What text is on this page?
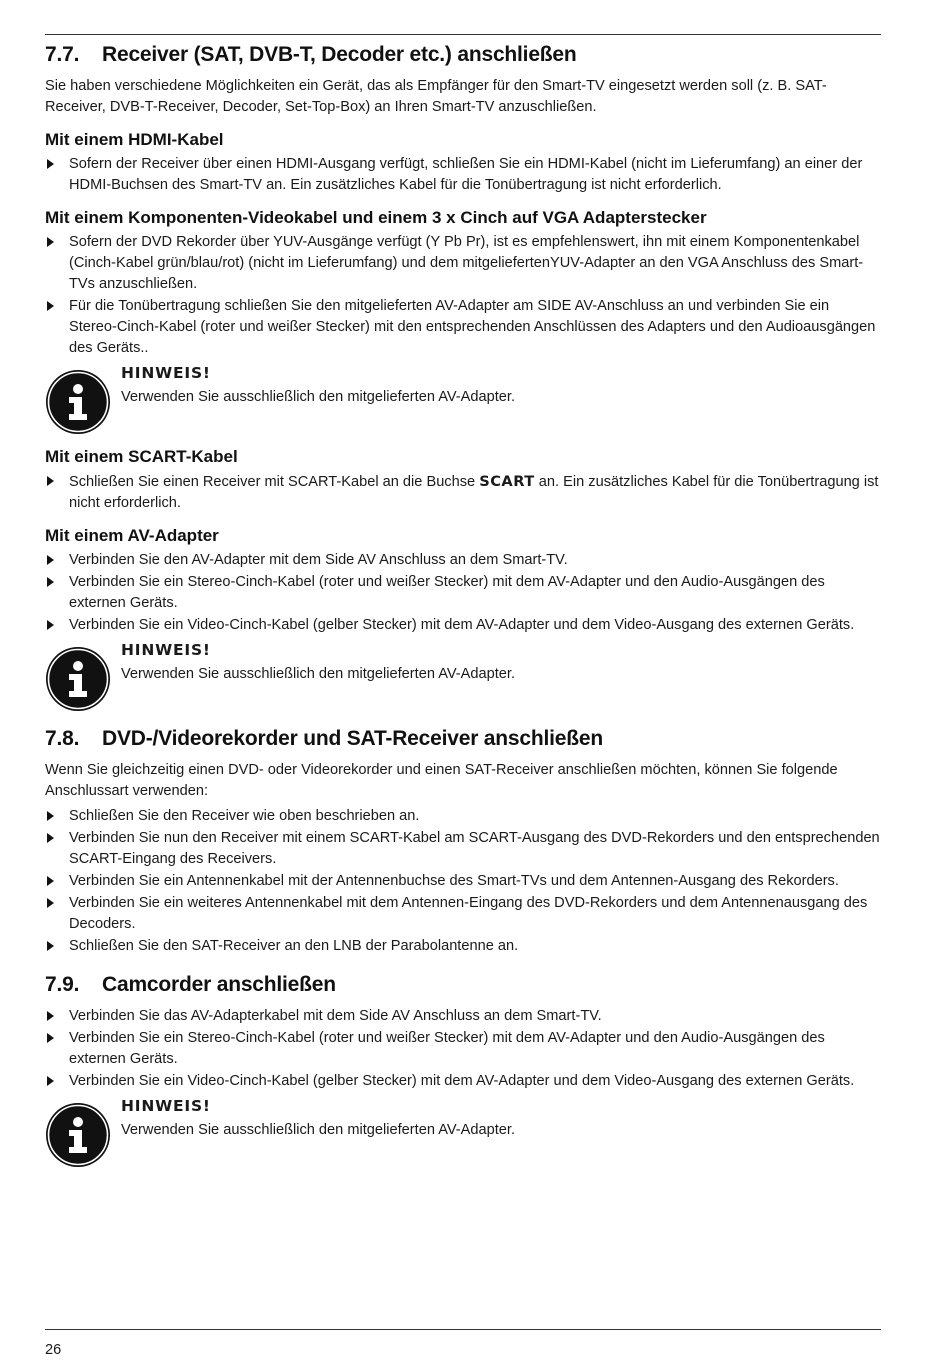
7.7. Receiver (SAT, DVB-T, Decoder etc.) anschließen

Sie haben verschiedene Möglichkeiten ein Gerät, das als Empfänger für den Smart-TV eingesetzt werden soll (z. B. SAT-Receiver, DVB-T-Receiver, Decoder, Set-Top-Box) an Ihren Smart-TV anzuschließen.

Mit einem HDMI-Kabel
Sofern der Receiver über einen HDMI-Ausgang verfügt, schließen Sie ein HDMI-Kabel (nicht im Lieferumfang) an einer der HDMI-Buchsen des Smart-TV an. Ein zusätzliches Kabel für die Tonübertragung ist nicht erforderlich.
Mit einem Komponenten-Videokabel und einem 3 x Cinch auf VGA Adapterstecker
Sofern der DVD Rekorder über YUV-Ausgänge verfügt (Y Pb Pr), ist es empfehlenswert, ihn mit einem Komponentenkabel (Cinch-Kabel grün/blau/rot) (nicht im Lieferumfang) und dem mitgeliefertenYUV-Adapter an den VGA Anschluss des Smart-TVs anzuschließen.
Für die Tonübertragung schließen Sie den mitgelieferten AV-Adapter am SIDE AV-Anschluss an und verbinden Sie ein Stereo-Cinch-Kabel (roter und weißer Stecker) mit den entsprechenden Anschlüssen des Adapters und den Audioausgängen des Geräts..
HINWEIS!
Verwenden Sie ausschließlich den mitgelieferten AV-Adapter.
Mit einem SCART-Kabel
Schließen Sie einen Receiver mit SCART-Kabel an die Buchse SCART an. Ein zusätzliches Kabel für die Tonübertragung ist nicht erforderlich.
Mit einem AV-Adapter
Verbinden Sie den AV-Adapter mit dem Side AV Anschluss an dem Smart-TV.
Verbinden Sie ein Stereo-Cinch-Kabel (roter und weißer Stecker) mit dem AV-Adapter und den Audio-Ausgängen des externen Geräts.
Verbinden Sie ein Video-Cinch-Kabel (gelber Stecker) mit dem AV-Adapter und dem Video-Ausgang des externen Geräts.
HINWEIS!
Verwenden Sie ausschließlich den mitgelieferten AV-Adapter.
7.8. DVD-/Videorekorder und SAT-Receiver anschließen

Wenn Sie gleichzeitig einen DVD- oder Videorekorder und einen SAT-Receiver anschließen möchten, können Sie folgende Anschlussart verwenden:

Schließen Sie den Receiver wie oben beschrieben an.
Verbinden Sie nun den Receiver mit einem SCART-Kabel am SCART-Ausgang des DVD-Rekorders und den entsprechenden SCART-Eingang des Receivers.
Verbinden Sie ein Antennenkabel mit der Antennenbuchse des Smart-TVs und dem Antennen-Ausgang des Rekorders.
Verbinden Sie ein weiteres Antennenkabel mit dem Antennen-Eingang des DVD-Rekorders und dem Antennenausgang des Decoders.
Schließen Sie den SAT-Receiver an den LNB der Parabolantenne an.
7.9. Camcorder anschließen
Verbinden Sie das AV-Adapterkabel mit dem Side AV Anschluss an dem Smart-TV.
Verbinden Sie ein Stereo-Cinch-Kabel (roter und weißer Stecker) mit dem AV-Adapter und den Audio-Ausgängen des externen Geräts.
Verbinden Sie ein Video-Cinch-Kabel (gelber Stecker) mit dem AV-Adapter und dem Video-Ausgang des externen Geräts.
HINWEIS!
Verwenden Sie ausschließlich den mitgelieferten AV-Adapter.
26
